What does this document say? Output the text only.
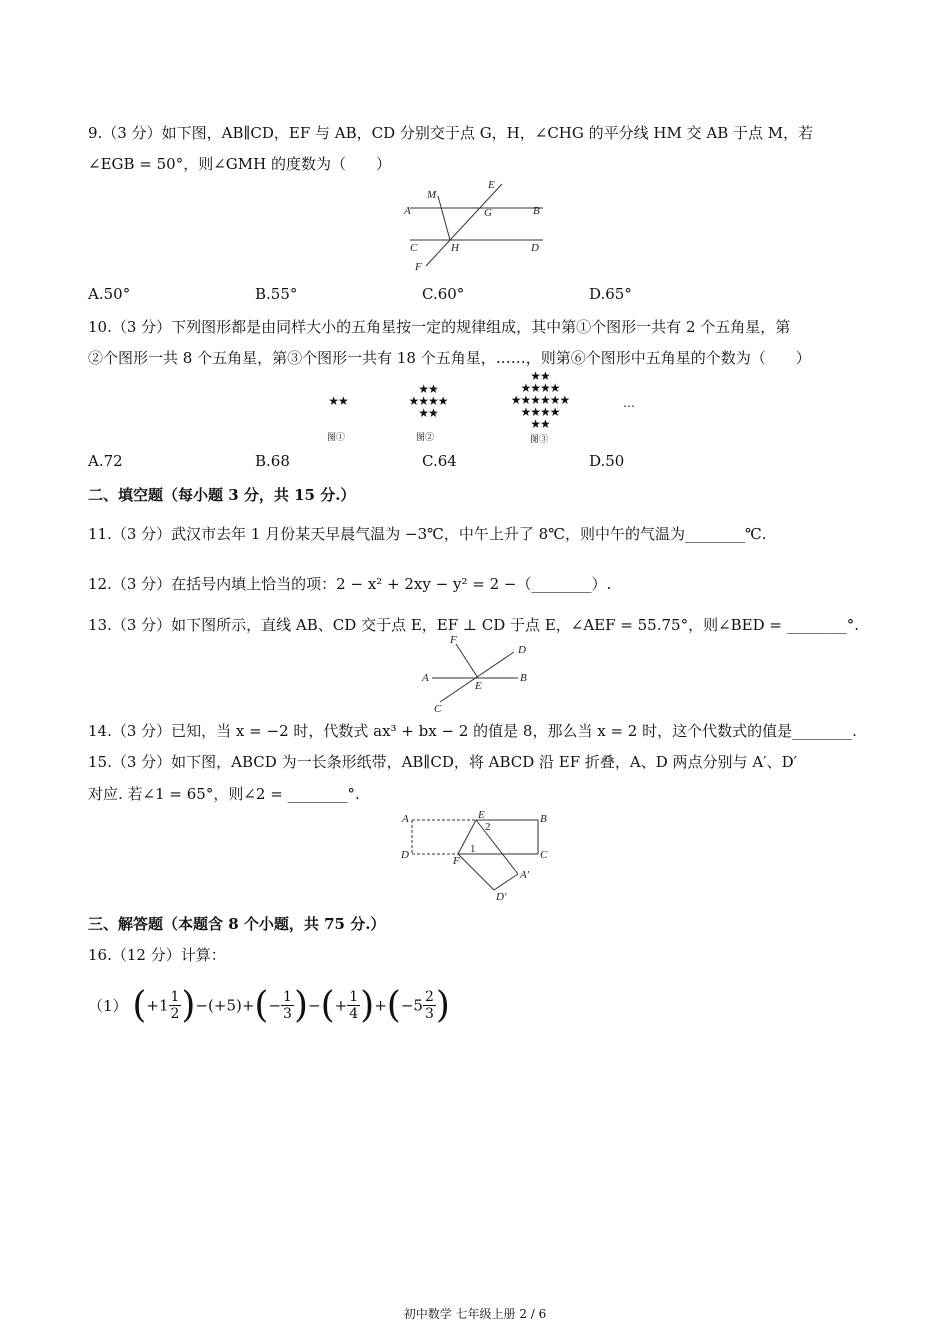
9.（3 分）如下图，AB∥CD，EF 与 AB，CD 分别交于点 G，H，∠CHG 的平分线 HM 交 AB 于点 M，若
∠EGB = 50°，则∠GMH 的度数为（　　）
M
E
A	G	B
C	H	D
F
A.50°	B.55°	C.60°	D.65°
10.（3 分）下列图形都是由同样大小的五角星按一定的规律组成，其中第①个图形一共有 2 个五角星，第
②个图形一共 8 个五角星，第③个图形一共有 18 个五角星，……，则第⑥个图形中五角星的个数为（　　）
★★
图①
★★
★★★★
★★
图②
★★
★★★★
★★★★★★
★★★★
★★
图③
…
A.72	B.68	C.64	D.50
二、填空题（每小题 3 分，共 15 分.）
11.（3 分）武汉市去年 1 月份某天早晨气温为 −3℃，中午上升了 8℃，则中午的气温为________℃.
12.（3 分）在括号内填上恰当的项：2 − x² + 2xy − y² = 2 −（________）.
13.（3 分）如下图所示，直线 AB、CD 交于点 E，EF ⊥ CD 于点 E，∠AEF = 55.75°，则∠BED = ________°.
F
D
A
E
B
C
14.（3 分）已知，当 x = −2 时，代数式 ax³ + bx − 2 的值是 8，那么当 x = 2 时，这个代数式的值是________.
15.（3 分）如下图，ABCD 为一长条形纸带，AB∥CD，将 ABCD 沿 EF 折叠，A、D 两点分别与 A′、D′
对应. 若∠1 = 65°，则∠2 = ________°.
A	E
2
B
D	F
1	C
A'
D'
三、解答题（本题含 8 个小题，共 75 分.）
16.（12 分）计算：
（1） $(+1 \frac{1}{2} )-(+5)+(- \frac{1}{3}$ )−(+ $\frac{1}{4} )+(-5 \frac{2}{3}$ )
初中数学 七年级上册 2 / 6
